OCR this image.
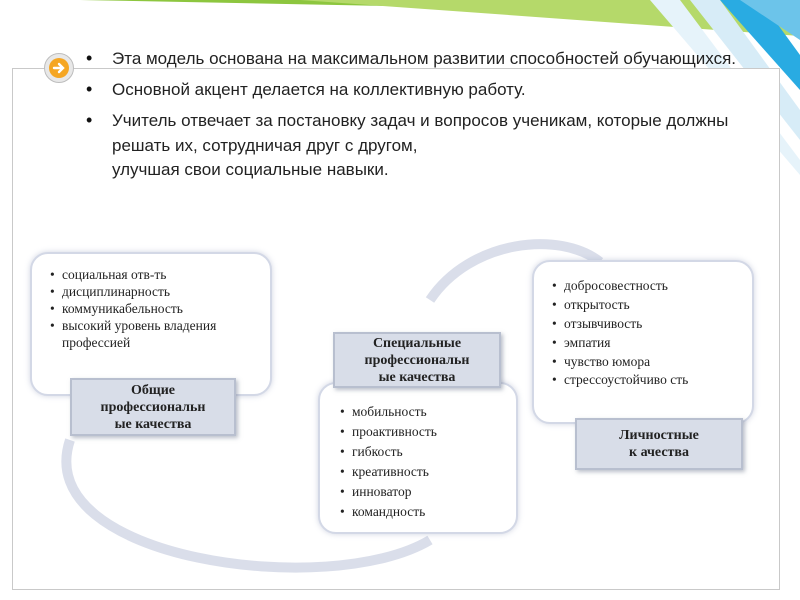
• Эта модель основана на максимальном развитии способностей обучающихся.
• Основной акцент делается на коллективную работу.
• Учитель отвечает за постановку задач и вопросов ученикам, которые должны решать их, сотрудничая друг с другом,
улучшая свои социальные навыки.
• социальная отв-ть
• дисциплинарность
• коммуникабельность
• высокий уровень владения профессией
Общие
профессиональн
ые качества
• мобильность
• проактивность
• гибкость
• креативность
• инноватор
• командность
Специальные
профессиональн
ые качества
• добросовестность
• открытость
• отзывчивость
• эмпатия
• чувство юмора
• стрессоустойчиво сть
Личностные
к ачества
